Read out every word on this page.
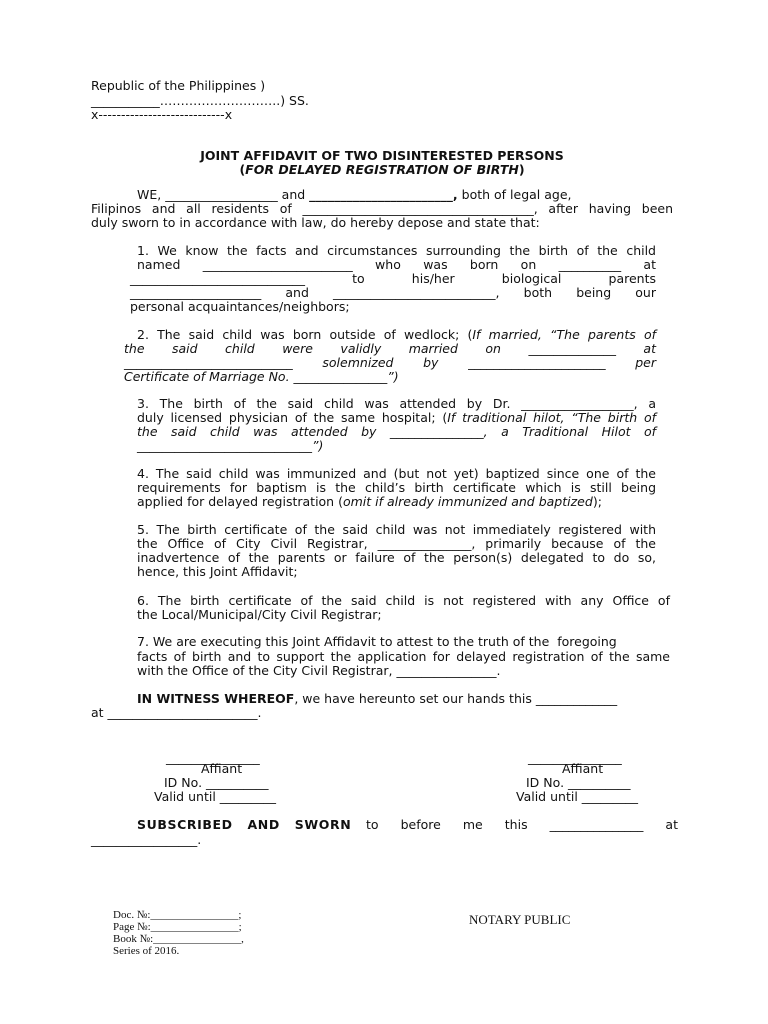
Republic of the Philippines )
___________………………………..) SS.
x----------------------------x
JOINT AFFIDAVIT OF TWO DISINTERESTED PERSONS
(FOR DELAYED REGISTRATION OF BIRTH)
WE, __________________ and _______________________, both of legal age,
Filipinos and all residents of _____________________________________, after having been
duly sworn to in accordance with law, do hereby depose and state that:
1. We know the facts and circumstances surrounding the birth of the child
named ________________________ who was born on __________ at
____________________________ to his/her biological parents
_____________________ and __________________________, both being our
personal acquaintances/neighbors;
2. The said child was born outside of wedlock; (If married, “The parents of
the said child were validly married on ______________ at
___________________________ solemnized by ______________________ per
Certificate of Marriage No. _______________”)
3. The birth of the said child was attended by Dr. __________________, a
duly licensed physician of the same hospital; (If traditional hilot, “The birth of
the said child was attended by _______________, a Traditional Hilot of
____________________________”)
4. The said child was immunized and (but not yet) baptized since one of the
requirements for baptism is the child’s birth certificate which is still being
applied for delayed registration (omit if already immunized and baptized);
5. The birth certificate of the said child was not immediately registered with
the Office of City Civil Registrar, _______________, primarily because of the
inadvertence of the parents or failure of the person(s) delegated to do so,
hence, this Joint Affidavit;
6. The birth certificate of the said child is not registered with any Office of
the Local/Municipal/City Civil Registrar;
7. We are executing this Joint Affidavit to attest to the truth of the  foregoing
facts of birth and to support the application for delayed registration of the same
with the Office of the City Civil Registrar, ________________.
IN WITNESS WHEREOF, we have hereunto set our hands this _____________
at ________________________.
_______________
Affiant
ID No. __________
Valid until _________
_______________
Affiant
ID No. __________
Valid until _________
SUBSCRIBED AND SWORN to before me this _______________ at
_________________.
Doc. №:________________;
Page №:________________;
Book №:________________,
Series of 2016.
NOTARY PUBLIC
